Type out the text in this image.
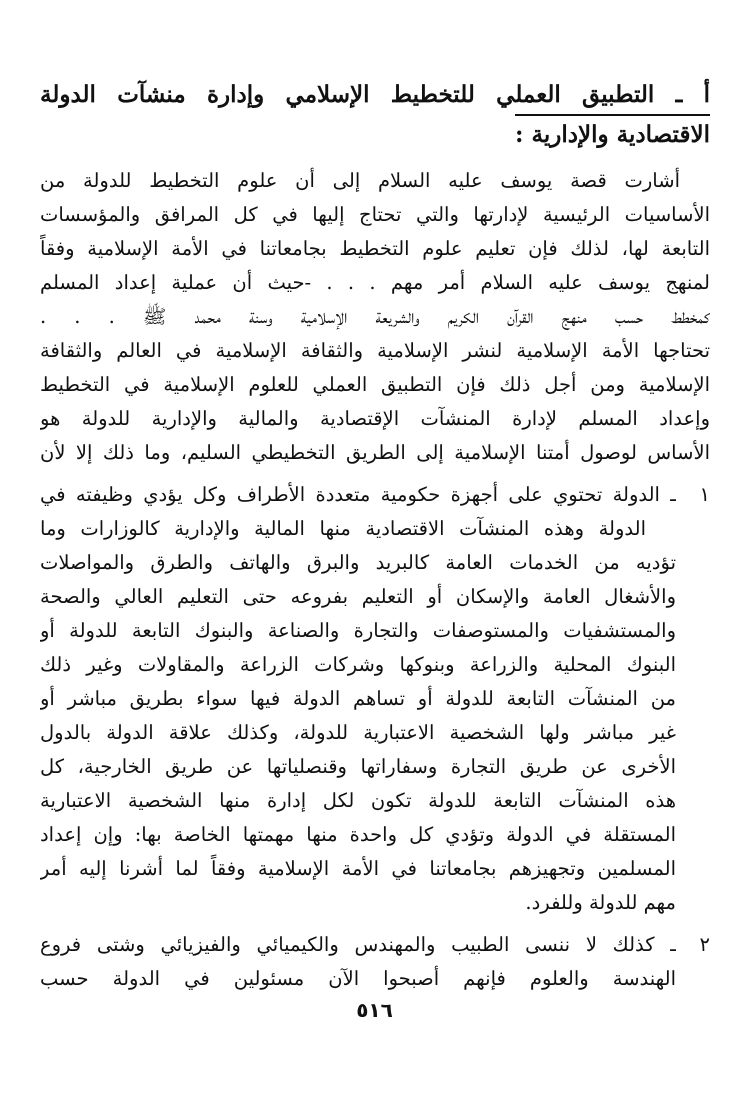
أ ـ التطبيق العملي للتخطيط الإسلامي وإدارة منشآت الدولة
الاقتصادية والإدارية :
أشارت قصة يوسف عليه السلام إلى أن علوم التخطيط للدولة من
الأساسيات الرئيسية لإدارتها والتي تحتاج إليها في كل المرافق والمؤسسات
التابعة لها، لذلك فإن تعليم علوم التخطيط بجامعاتنا في الأمة الإسلامية وفقاً
لمنهج يوسف عليه السلام أمر مهم . . . -حيث أن عملية إعداد المسلم
كمخطط حسب منهج القرآن الكريم والشريعة الإسلامية وسنة محمد ﷺ . . .
تحتاجها الأمة الإسلامية لنشر الإسلامية والثقافة الإسلامية في العالم والثقافة
الإسلامية ومن أجل ذلك فإن التطبيق العملي للعلوم الإسلامية في التخطيط
وإعداد المسلم لإدارة المنشآت الإقتصادية والمالية والإدارية للدولة هو
الأساس لوصول أمتنا الإسلامية إلى الطريق التخطيطي السليم، وما ذلك إلا لأن
١
ـ الدولة تحتوي على أجهزة حكومية متعددة الأطراف وكل يؤدي وظيفته في
الدولة وهذه المنشآت الاقتصادية منها المالية والإدارية كالوزارات وما
تؤديه من الخدمات العامة كالبريد والبرق والهاتف والطرق والمواصلات
والأشغال العامة والإسكان أو التعليم بفروعه حتى التعليم العالي والصحة
والمستشفيات والمستوصفات والتجارة والصناعة والبنوك التابعة للدولة أو
البنوك المحلية والزراعة وبنوكها وشركات الزراعة والمقاولات وغير ذلك
من المنشآت التابعة للدولة أو تساهم الدولة فيها سواء بطريق مباشر أو
غير مباشر ولها الشخصية الاعتبارية للدولة، وكذلك علاقة الدولة بالدول
الأخرى عن طريق التجارة وسفاراتها وقنصلياتها عن طريق الخارجية، كل
هذه المنشآت التابعة للدولة تكون لكل إدارة منها الشخصية الاعتبارية
المستقلة في الدولة وتؤدي كل واحدة منها مهمتها الخاصة بها: وإن إعداد
المسلمين وتجهيزهم بجامعاتنا في الأمة الإسلامية وفقاً لما أشرنا إليه أمر
مهم للدولة وللفرد.
٢
ـ كذلك لا ننسى الطبيب والمهندس والكيميائي والفيزيائي وشتى فروع
الهندسة والعلوم فإنهم أصبحوا الآن مسئولين في الدولة حسب
٥١٦
